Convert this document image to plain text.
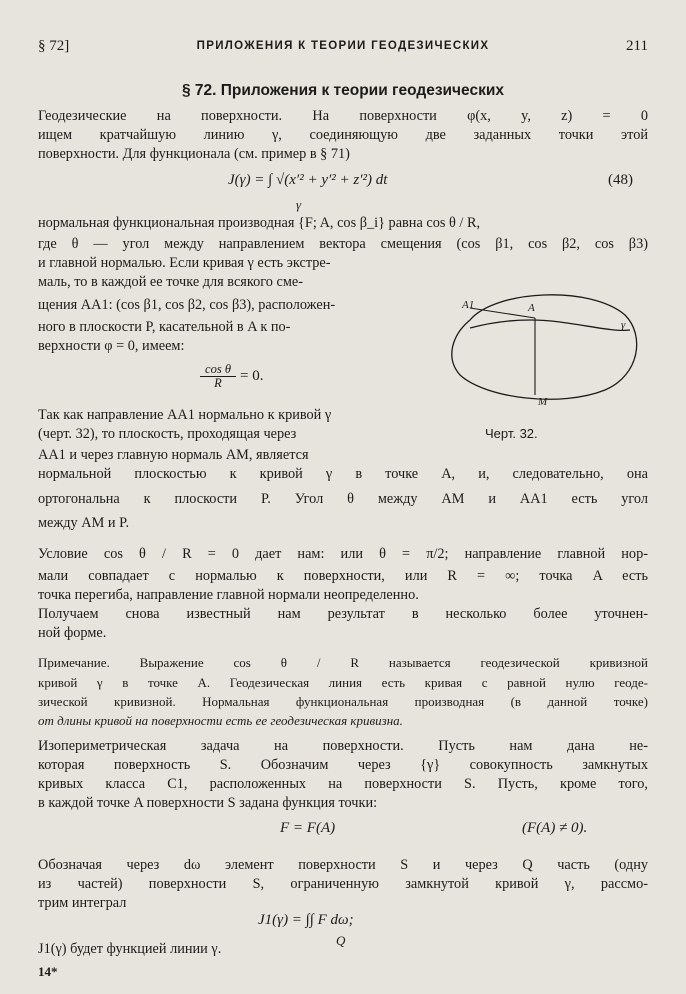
§ 72]	ПРИЛОЖЕНИЯ К ТЕОРИИ ГЕОДЕЗИЧЕСКИХ	211
§ 72. Приложения к теории геодезических
Геодезические на поверхности. На поверхности φ(x, y, z) = 0
ищем кратчайшую линию γ, соединяющую две заданных точки этой
поверхности. Для функционала (см. пример в § 71)
J(γ) = ∫ √(x′² + y′² + z′²) dt
γ
(48)
нормальная функциональная производная {F; A, cos β_i} равна cos θ / R,
где θ — угол между направлением вектора смещения (cos β1, cos β2, cos β3)
и главной нормалью. Если кривая γ есть экстре-
маль, то в каждой ее точке для всякого сме-
щения AA1: (cos β1, cos β2, cos β3), расположен-
ного в плоскости P, касательной в A к по-
верхности φ = 0, имеем:
$\frac{\text{cos θ}}{R} = 0$.
A1	A
γ
M
Черт. 32.
Так как направление AA1 нормально к кривой γ
(черт. 32), то плоскость, проходящая через
AA1 и через главную нормаль AM, является
нормальной плоскостью к кривой γ в точке A, и, следовательно, она
ортогональна к плоскости P. Угол θ между AM и AA1 есть угол
между AM и P.
Условие cos θ / R = 0 дает нам: или θ = π/2; направление главной нор-
мали совпадает с нормалью к поверхности, или R = ∞; точка A есть
точка перегиба, направление главной нормали неопределенно.
Получаем снова известный нам результат в несколько более уточнен-
ной форме.
Примечание. Выражение cos θ / R называется геодезической кривизной
кривой γ в точке A. Геодезическая линия есть кривая с равной нулю геоде-
зической кривизной. Нормальная функциональная производная (в данной точке)
от длины кривой на поверхности есть ее геодезическая кривизна.
Изопериметрическая задача на поверхности. Пусть нам дана не-
которая поверхность S. Обозначим через {γ} совокупность замкнутых
кривых класса C1, расположенных на поверхности S. Пусть, кроме того,
в каждой точке A поверхности S задана функция точки:
F = F(A)	(F(A) ≠ 0).
Обозначая через dω элемент поверхности S и через Q часть (одну
из частей) поверхности S, ограниченную замкнутой кривой γ, рассмо-
трим интеграл
J1(γ) = ∫∫ F dω;
Q
J1(γ) будет функцией линии γ.
14*
